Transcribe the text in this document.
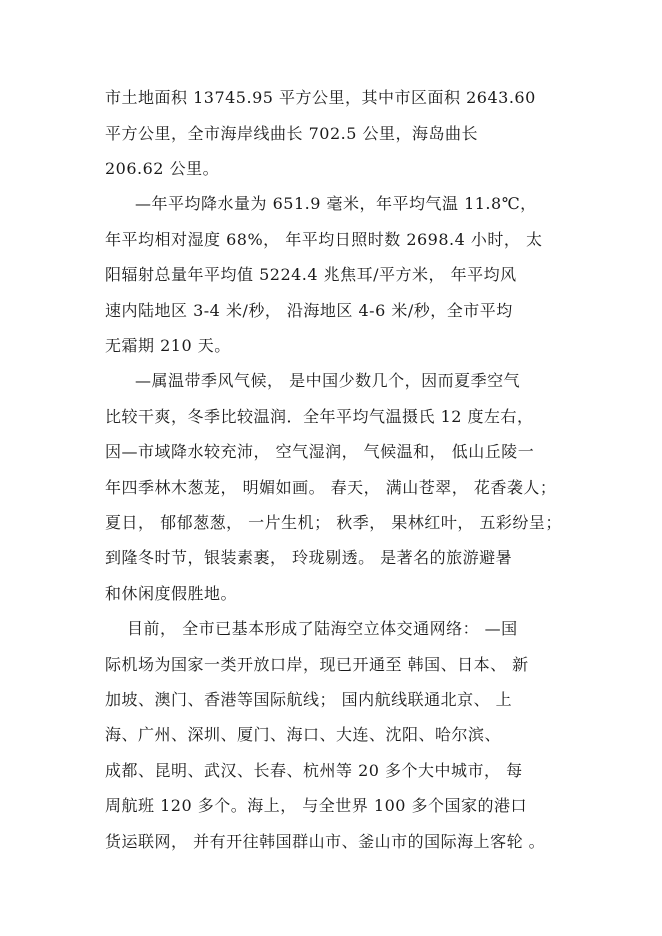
市土地面积 13745.95 平方公里，其中市区面积 2643.60
平方公里，全市海岸线曲长 702.5 公里，海岛曲长
206.62 公里。
—年平均降水量为 651.9 毫米，年平均气温 11.8℃，
年平均相对湿度 68%， 年平均日照时数 2698.4 小时， 太
阳辐射总量年平均值 5224.4 兆焦耳/平方米， 年平均风
速内陆地区 3-4 米/秒， 沿海地区 4-6 米/秒，全市平均
无霜期 210 天。
—属温带季风气候， 是中国少数几个，因而夏季空气
比较干爽，冬季比较温润．全年平均气温摄氏 12 度左右，
因—市域降水较充沛， 空气湿润， 气候温和， 低山丘陵一
年四季林木葱茏， 明媚如画。 春天， 满山苍翠， 花香袭人；
夏日， 郁郁葱葱， 一片生机； 秋季， 果林红叶， 五彩纷呈；
到隆冬时节，银装素裹， 玲珑剔透。 是著名的旅游避暑
和休闲度假胜地。
目前， 全市已基本形成了陆海空立体交通网络： —国
际机场为国家一类开放口岸，现已开通至 韩国、日本、 新
加坡、澳门、香港等国际航线； 国内航线联通北京、 上
海、广州、深圳、厦门、海口、大连、沈阳、哈尔滨、
成都、昆明、武汉、长春、杭州等 20 多个大中城市， 每
周航班 120 多个。海上， 与全世界 100 多个国家的港口
货运联网， 并有开往韩国群山市、釜山市的国际海上客轮 。
